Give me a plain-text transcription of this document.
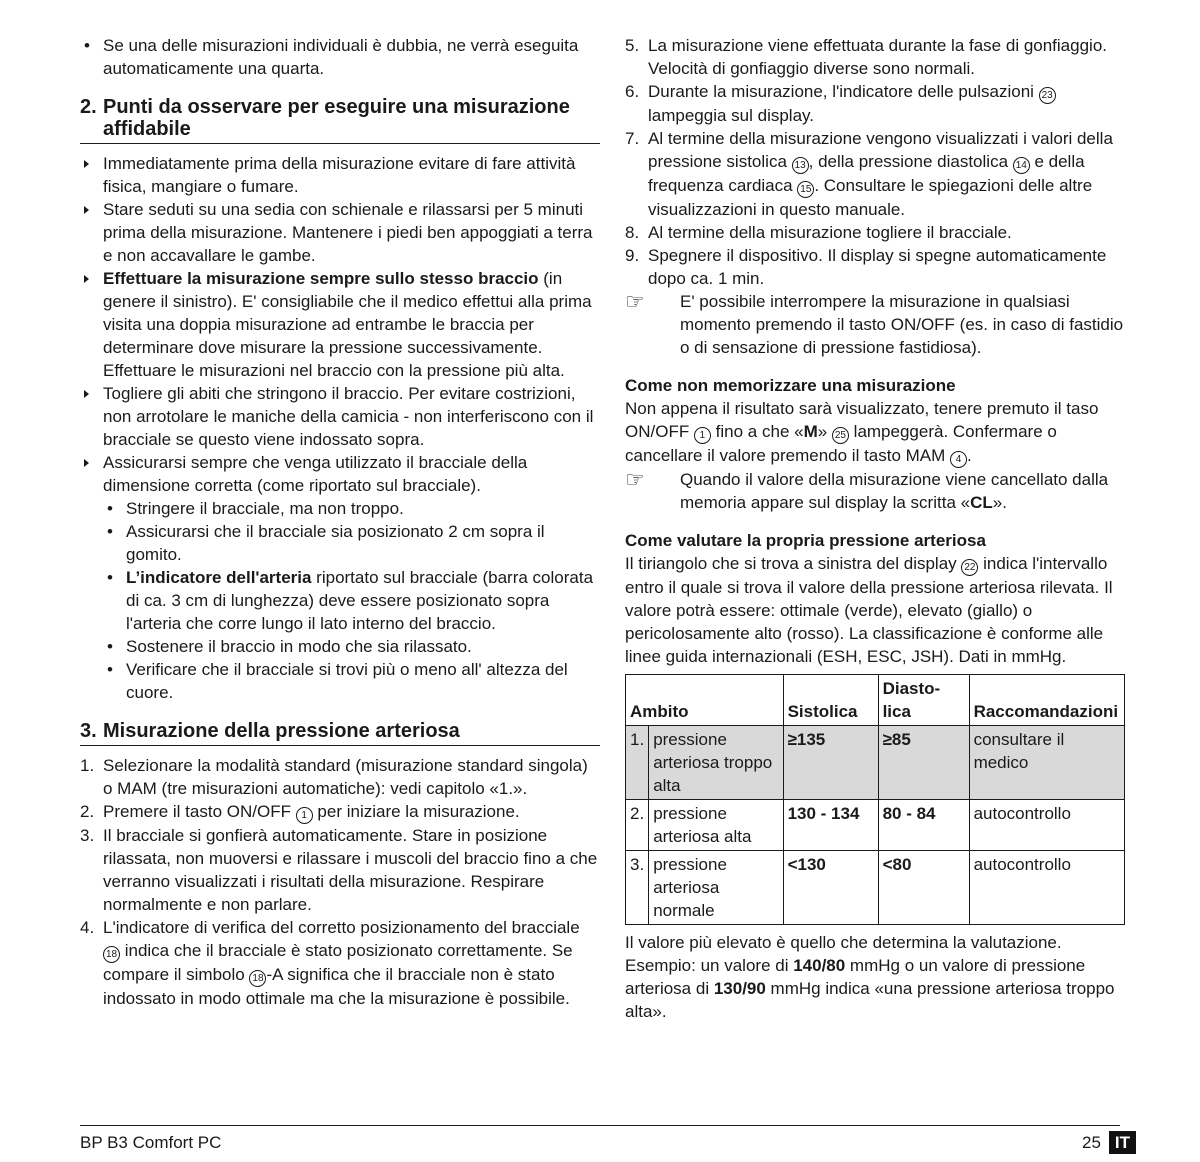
• Se una delle misurazioni individuali è dubbia, ne verrà eseguita automaticamente una quarta.
2. Punti da osservare per eseguire una misurazione affidabile
Immediatamente prima della misurazione evitare di fare attività fisica, mangiare o fumare.
Stare seduti su una sedia con schienale e rilassarsi per 5 minuti prima della misurazione. Mantenere i piedi ben appoggiati a terra e non accavallare le gambe.
Effettuare la misurazione sempre sullo stesso braccio (in genere il sinistro). E' consigliabile che il medico effettui alla prima visita una doppia misurazione ad entrambe le braccia per determinare dove misurare la pressione successivamente. Effettuare le misurazioni nel braccio con la pressione più alta.
Togliere gli abiti che stringono il braccio. Per evitare costrizioni, non arrotolare le maniche della camicia - non interferiscono con il bracciale se questo viene indossato sopra.
Assicurarsi sempre che venga utilizzato il bracciale della dimensione corretta (come riportato sul bracciale).
• Stringere il bracciale, ma non troppo.
• Assicurarsi che il bracciale sia posizionato 2 cm sopra il gomito.
• L’indicatore dell'arteria riportato sul bracciale (barra colorata di ca. 3 cm di lunghezza) deve essere posizionato sopra l'arteria che corre lungo il lato interno del braccio.
• Sostenere il braccio in modo che sia rilassato.
• Verificare che il bracciale si trovi più o meno all' altezza del cuore.
3. Misurazione della pressione arteriosa
1. Selezionare la modalità standard (misurazione standard singola) o MAM (tre misurazioni automatiche): vedi capitolo «1.».
2. Premere il tasto ON/OFF 1 per iniziare la misurazione.
3. Il bracciale si gonfierà automaticamente. Stare in posizione rilassata, non muoversi e rilassare i muscoli del braccio fino a che verranno visualizzati i risultati della misurazione. Respirare normalmente e non parlare.
4. L'indicatore di verifica del corretto posizionamento del bracciale 18 indica che il bracciale è stato posizionato correttamente. Se compare il simbolo 18 -A significa che il bracciale non è stato indossato in modo ottimale ma che la misurazione è possibile.
5. La misurazione viene effettuata durante la fase di gonfiaggio. Velocità di gonfiaggio diverse sono normali.
6. Durante la misurazione, l'indicatore delle pulsazioni 23 lampeggia sul display.
7. Al termine della misurazione vengono visualizzati i valori della pressione sistolica 13 , della pressione diastolica 14 e della frequenza cardiaca 15 . Consultare le spiegazioni delle altre visualizzazioni in questo manuale.
8. Al termine della misurazione togliere il bracciale.
9. Spegnere il dispositivo. Il display si spegne automaticamente dopo ca. 1 min.

☞ E' possibile interrompere la misurazione in qualsiasi momento premendo il tasto ON/OFF (es. in caso di fastidio o di sensazione di pressione fastidiosa).

Come non memorizzare una misurazione

Non appena il risultato sarà visualizzato, tenere premuto il taso ON/OFF 1 fino a che «M» 25 lampeggerà. Confermare o cancellare il valore premendo il tasto MAM 4 .

☞ Quando il valore della misurazione viene cancellato dalla memoria appare sul display la scritta «CL».

Come valutare la propria pressione arteriosa

Il tiriangolo che si trova a sinistra del display 22 indica l'intervallo entro il quale si trova il valore della pressione arteriosa rilevata. Il valore potrà essere: ottimale (verde), elevato (giallo) o pericolosamente alto (rosso). La classificazione è conforme alle linee guida internazionali (ESH, ESC, JSH). Dati in mmHg.

Ambito		Sistolica	Diasto-lica	Raccomandazioni
1.	pressione arteriosa troppo alta	≥135	≥85	consultare il medico
2.	pressione arteriosa alta	130 - 134	80 - 84	autocontrollo
3.	pressione arteriosa normale	<130	<80	autocontrollo

Il valore più elevato è quello che determina la valutazione.

Esempio: un valore di 140/80 mmHg o un valore di pressione arteriosa di 130/90 mmHg indica «una pressione arteriosa troppo alta».

BP B3 Comfort PC	25 IT
